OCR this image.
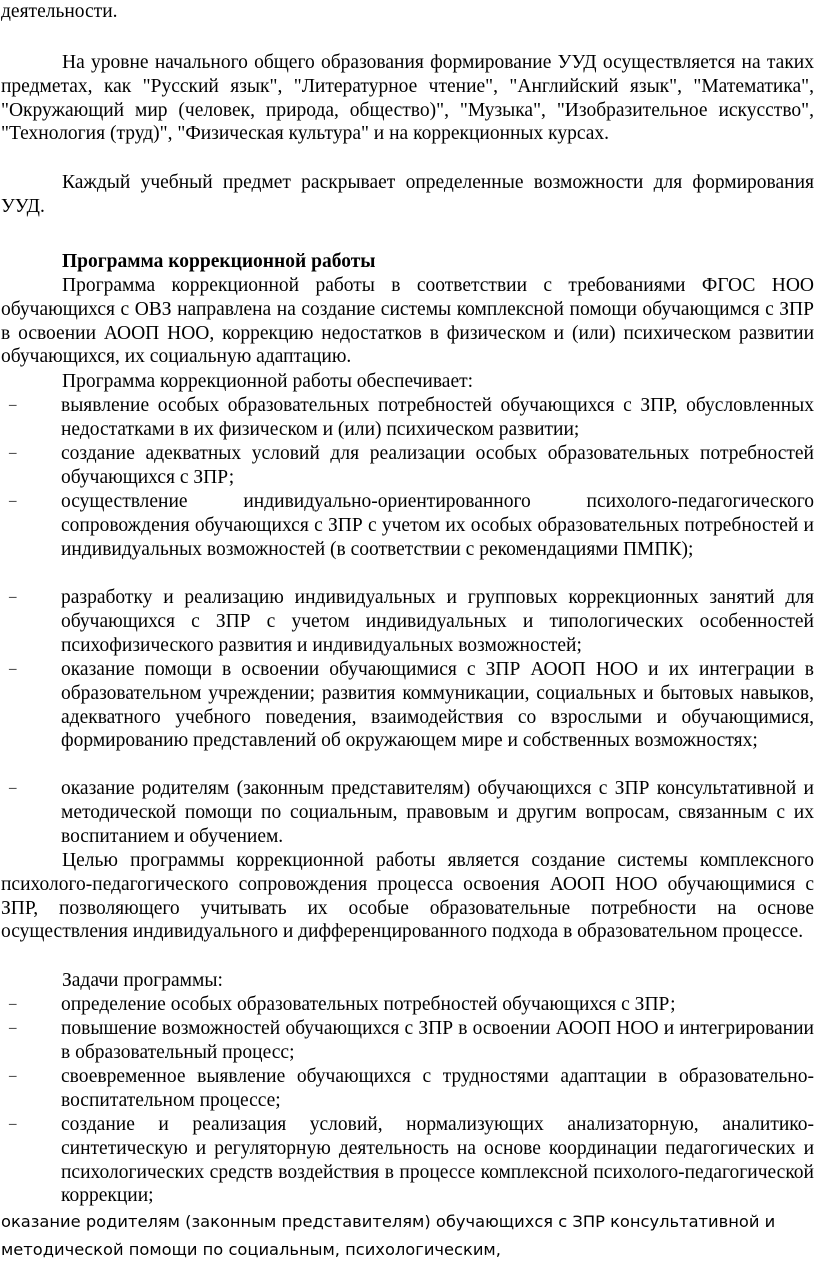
деятельности.
На уровне начального общего образования формирование УУД осуществляется на таких предметах, как "Русский язык", "Литературное чтение", "Английский язык", "Математика", "Окружающий мир (человек, природа, общество)", "Музыка", "Изобразительное искусство", "Технология (труд)", "Физическая культура" и на коррекционных курсах.
Каждый учебный предмет раскрывает определенные возможности для формирования УУД.
Программа коррекционной работы
Программа коррекционной работы в соответствии с требованиями ФГОС НОО обучающихся с ОВЗ направлена на создание системы комплексной помощи обучающимся с ЗПР в освоении АООП НОО, коррекцию недостатков в физическом и (или) психическом развитии обучающихся, их социальную адаптацию.
Программа коррекционной работы обеспечивает:
– выявление особых образовательных потребностей обучающихся с ЗПР, обусловленных недостатками в их физическом и (или) психическом развитии;
– создание адекватных условий для реализации особых образовательных потребностей обучающихся с ЗПР;
– осуществление индивидуально-ориентированного психолого-педагогического сопровождения обучающихся с ЗПР с учетом их особых образовательных потребностей и индивидуальных возможностей (в соответствии с рекомендациями ПМПК);
– разработку и реализацию индивидуальных и групповых коррекционных занятий для обучающихся с ЗПР с учетом индивидуальных и типологических особенностей психофизического развития и индивидуальных возможностей;
– оказание помощи в освоении обучающимися с ЗПР АООП НОО и их интеграции в образовательном учреждении; развития коммуникации, социальных и бытовых навыков, адекватного учебного поведения, взаимодействия со взрослыми и обучающимися, формированию представлений об окружающем мире и собственных возможностях;
– оказание родителям (законным представителям) обучающихся с ЗПР консультативной и методической помощи по социальным, правовым и другим вопросам, связанным с их воспитанием и обучением.
Целью программы коррекционной работы является создание системы комплексного психолого-педагогического сопровождения процесса освоения АООП НОО обучающимися с ЗПР, позволяющего учитывать их особые образовательные потребности на основе осуществления индивидуального и дифференцированного подхода в образовательном процессе.
Задачи программы:
– определение особых образовательных потребностей обучающихся с ЗПР;
– повышение возможностей обучающихся с ЗПР в освоении АООП НОО и интегрировании в образовательный процесс;
– своевременное выявление обучающихся с трудностями адаптации в образовательно-воспитательном процессе;
– создание и реализация условий, нормализующих анализаторную, аналитико-синтетическую и регуляторную деятельность на основе координации педагогических и психологических средств воздействия в процессе комплексной психолого-педагогической коррекции;
оказание родителям (законным представителям) обучающихся с ЗПР консультативной и
методической помощи по социальным, психологическим,
